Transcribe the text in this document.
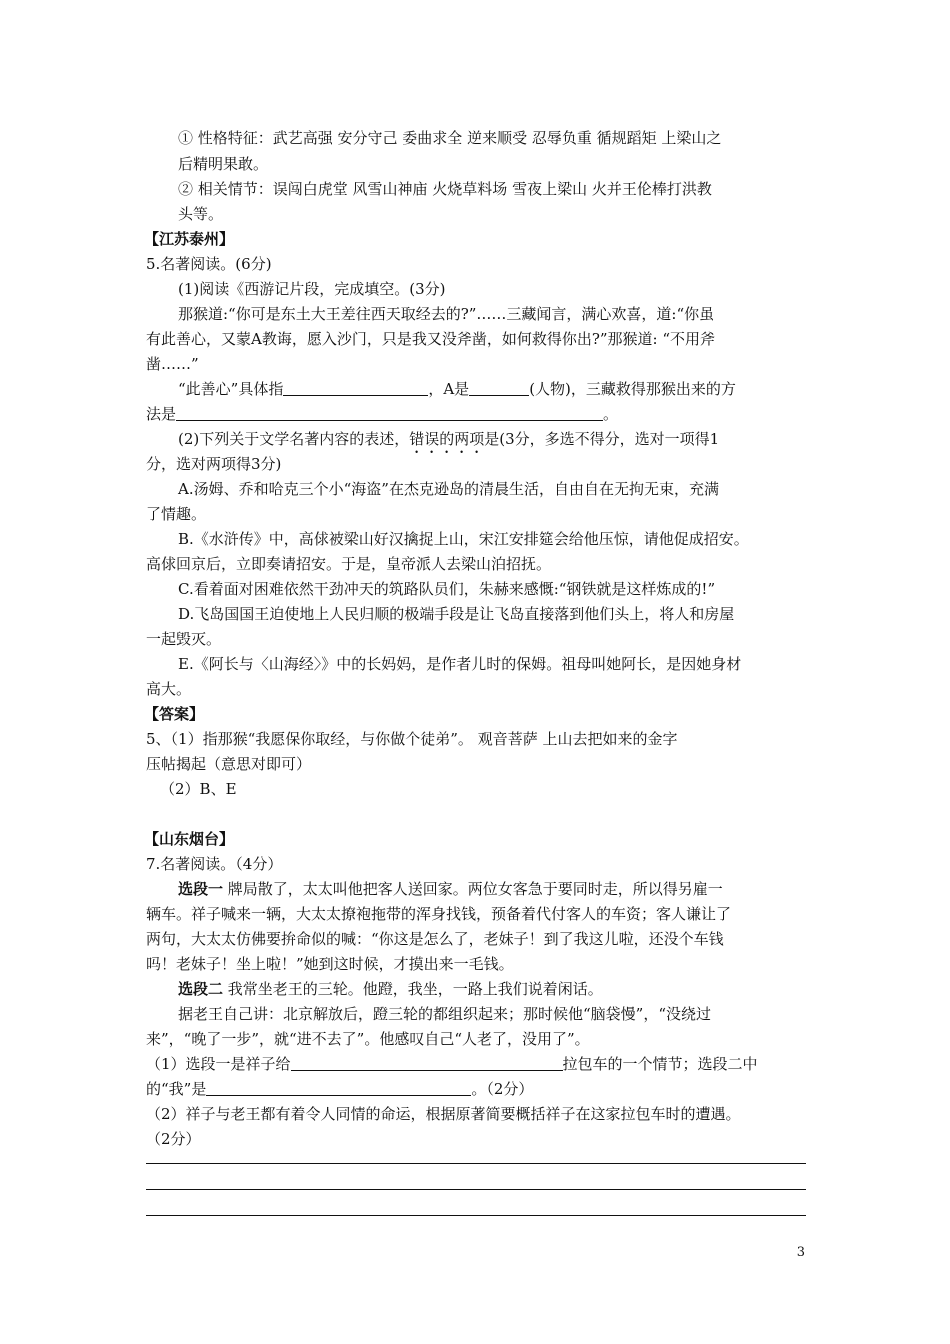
① 性格特征：武艺高强 安分守己 委曲求全 逆来顺受 忍辱负重 循规蹈矩 上梁山之
后精明果敢。
② 相关情节：误闯白虎堂 风雪山神庙 火烧草料场 雪夜上梁山 火并王伦棒打洪教
头等。
【江苏泰州】
5.名著阅读。(6分)
(1)阅读《西游记片段，完成填空。(3分)
那猴道:“你可是东土大王差往西天取经去的?”……三藏闻言，满心欢喜，道:“你虽
有此善心，又蒙A教诲，愿入沙门，只是我又没斧凿，如何救得你出?”那猴道: “不用斧
凿……”
“此善心”具体指	，A是	(人物)，三藏救得那猴出来的方
法是	。
(2)下列关于文学名著内容的表述，错误的两项是(3分，多选不得分，选对一项得1
分，选对两项得3分)
A.汤姆、乔和哈克三个小“海盗”在杰克逊岛的清晨生活，自由自在无拘无束，充满
了情趣。
B.《水浒传》中，高俅被梁山好汉擒捉上山，宋江安排筵会给他压惊，请他促成招安。
高俅回京后，立即奏请招安。于是，皇帝派人去梁山泊招抚。
C.看着面对困难依然干劲冲天的筑路队员们，朱赫来感慨:“钢铁就是这样炼成的!”
D.飞岛国国王迫使地上人民归顺的极端手段是让飞岛直接落到他们头上，将人和房屋
一起毁灭。
E.《阿长与〈山海经〉》中的长妈妈，是作者儿时的保姆。祖母叫她阿长，是因她身材
高大。
【答案】
5、（1）指那猴“我愿保你取经，与你做个徒弟”。 观音菩萨 上山去把如来的金字
压帖揭起（意思对即可）
（2）B、E
【山东烟台】
7.名著阅读。（4分）
选段一 牌局散了，太太叫他把客人送回家。两位女客急于要同时走，所以得另雇一
辆车。祥子喊来一辆，大太太撩袍拖带的浑身找钱，预备着代付客人的车资；客人谦让了
两句，大太太仿佛要拚命似的喊：“你这是怎么了，老妹子！到了我这儿啦，还没个车钱
吗！老妹子！坐上啦！”她到这时候，才摸出来一毛钱。
选段二 我常坐老王的三轮。他蹬，我坐，一路上我们说着闲话。
据老王自己讲：北京解放后，蹬三轮的都组织起来；那时候他“脑袋慢”，“没绕过
来”，“晚了一步”，就“进不去了”。他感叹自己“人老了，没用了”。
（1）选段一是祥子给	拉包车的一个情节；选段二中
的“我”是	。（2分）
（2）祥子与老王都有着令人同情的命运，根据原著简要概括祥子在这家拉包车时的遭遇。
（2分）
3
